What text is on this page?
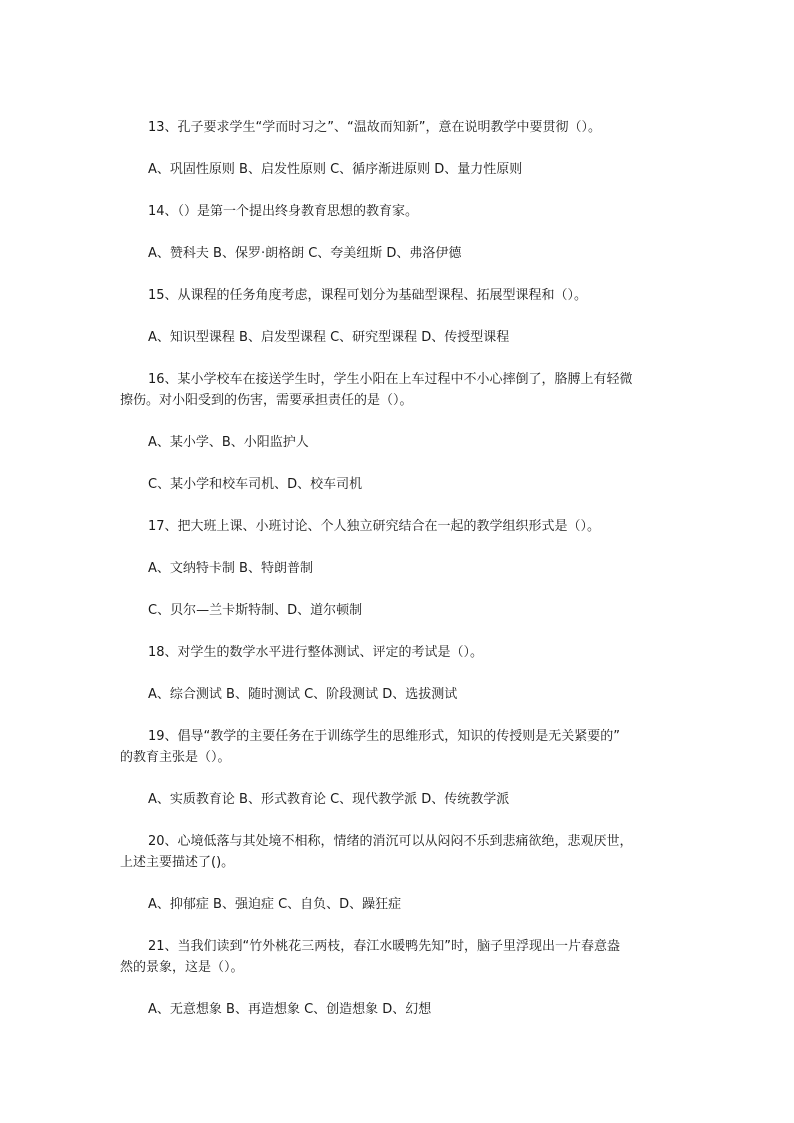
13、孔子要求学生“学而时习之”、“温故而知新”，意在说明教学中要贯彻（）。
A、巩固性原则 B、启发性原则 C、循序渐进原则 D、量力性原则
14、（）是第一个提出终身教育思想的教育家。
A、赞科夫 B、保罗·朗格朗 C、夸美纽斯 D、弗洛伊德
15、从课程的任务角度考虑，课程可划分为基础型课程、拓展型课程和（）。
A、知识型课程 B、启发型课程 C、研究型课程 D、传授型课程
16、某小学校车在接送学生时，学生小阳在上车过程中不小心摔倒了，胳膊上有轻微
擦伤。对小阳受到的伤害，需要承担责任的是（）。
A、某小学、B、小阳监护人
C、某小学和校车司机、D、校车司机
17、把大班上课、小班讨论、个人独立研究结合在一起的教学组织形式是（）。
A、文纳特卡制 B、特朗普制
C、贝尔—兰卡斯特制、D、道尔顿制
18、对学生的数学水平进行整体测试、评定的考试是（）。
A、综合测试 B、随时测试 C、阶段测试 D、选拔测试
19、倡导“教学的主要任务在于训练学生的思维形式，知识的传授则是无关紧要的”
的教育主张是（）。
A、实质教育论 B、形式教育论 C、现代教学派 D、传统教学派
20、心境低落与其处境不相称，情绪的消沉可以从闷闷不乐到悲痛欲绝，悲观厌世，
上述主要描述了()。
A、抑郁症 B、强迫症 C、自负、D、躁狂症
21、当我们读到“竹外桃花三两枝，春江水暖鸭先知”时，脑子里浮现出一片春意盎
然的景象，这是（）。
A、无意想象 B、再造想象 C、创造想象 D、幻想
